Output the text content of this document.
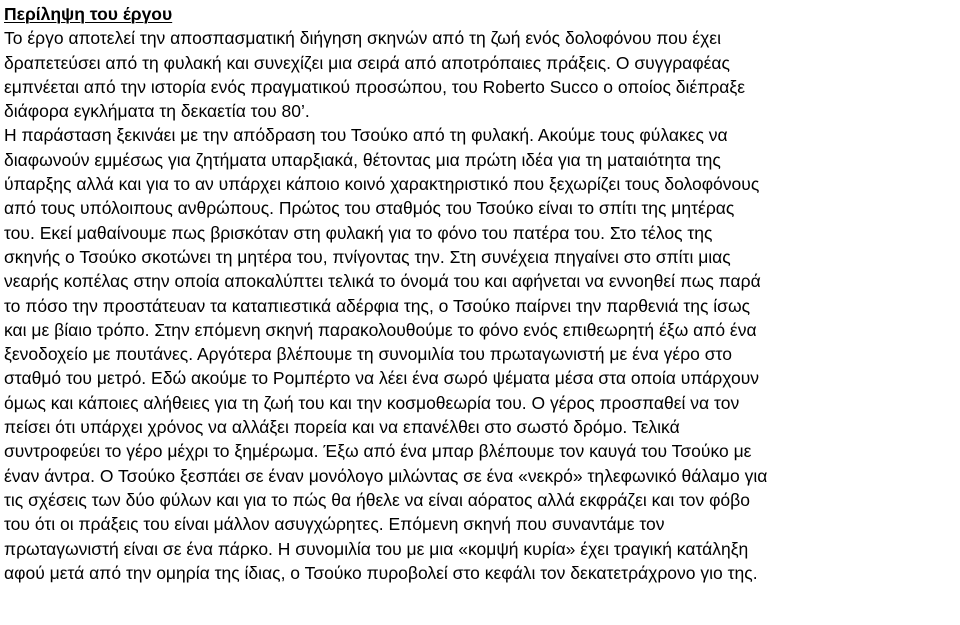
Περίληψη του έργου
Το έργο αποτελεί την αποσπασματική διήγηση σκηνών από τη ζωή ενός δολοφόνου που έχει
δραπετεύσει από τη φυλακή και συνεχίζει μια σειρά από αποτρόπαιες πράξεις. Ο συγγραφέας
εμπνέεται από την ιστορία ενός πραγματικού προσώπου, του Roberto Succo ο οποίος διέπραξε
διάφορα εγκλήματα τη δεκαετία του 80’.
Η παράσταση ξεκινάει με την απόδραση του Τσούκο από τη φυλακή. Ακούμε τους φύλακες να
διαφωνούν εμμέσως για ζητήματα υπαρξιακά, θέτοντας μια πρώτη ιδέα για τη ματαιότητα της
ύπαρξης αλλά και για το αν υπάρχει κάποιο κοινό χαρακτηριστικό που ξεχωρίζει τους δολοφόνους
από τους υπόλοιπους ανθρώπους. Πρώτος του σταθμός του Τσούκο είναι το σπίτι της μητέρας
του. Εκεί μαθαίνουμε πως βρισκόταν στη φυλακή για το φόνο του πατέρα του. Στο τέλος της
σκηνής ο Τσούκο σκοτώνει τη μητέρα του, πνίγοντας την. Στη συνέχεια πηγαίνει στο σπίτι μιας
νεαρής κοπέλας στην οποία αποκαλύπτει τελικά το όνομά του και αφήνεται να εννοηθεί πως παρά
το πόσο την προστάτευαν τα καταπιεστικά αδέρφια της, ο Τσούκο παίρνει την παρθενιά της ίσως
και με βίαιο τρόπο. Στην επόμενη σκηνή παρακολουθούμε το φόνο ενός επιθεωρητή έξω από ένα
ξενοδοχείο με πουτάνες. Αργότερα βλέπουμε τη συνομιλία του πρωταγωνιστή με ένα γέρο στο
σταθμό του μετρό. Εδώ ακούμε το Ρομπέρτο να λέει ένα σωρό ψέματα μέσα στα οποία υπάρχουν
όμως και κάποιες αλήθειες για τη ζωή του και την κοσμοθεωρία του. Ο γέρος προσπαθεί να τον
πείσει ότι υπάρχει χρόνος να αλλάξει πορεία και να επανέλθει στο σωστό δρόμο. Τελικά
συντροφεύει το γέρο μέχρι το ξημέρωμα. Έξω από ένα μπαρ βλέπουμε τον καυγά του Τσούκο με
έναν άντρα. Ο Τσούκο ξεσπάει σε έναν μονόλογο μιλώντας σε ένα «νεκρό» τηλεφωνικό θάλαμο για
τις σχέσεις των δύο φύλων και για το πώς θα ήθελε να είναι αόρατος αλλά εκφράζει και τον φόβο
του ότι οι πράξεις του είναι μάλλον ασυγχώρητες. Επόμενη σκηνή που συναντάμε τον
πρωταγωνιστή είναι σε ένα πάρκο. Η συνομιλία του με μια «κομψή κυρία» έχει τραγική κατάληξη
αφού μετά από την ομηρία της ίδιας, ο Τσούκο πυροβολεί στο κεφάλι τον δεκατετράχρονο γιο της.
